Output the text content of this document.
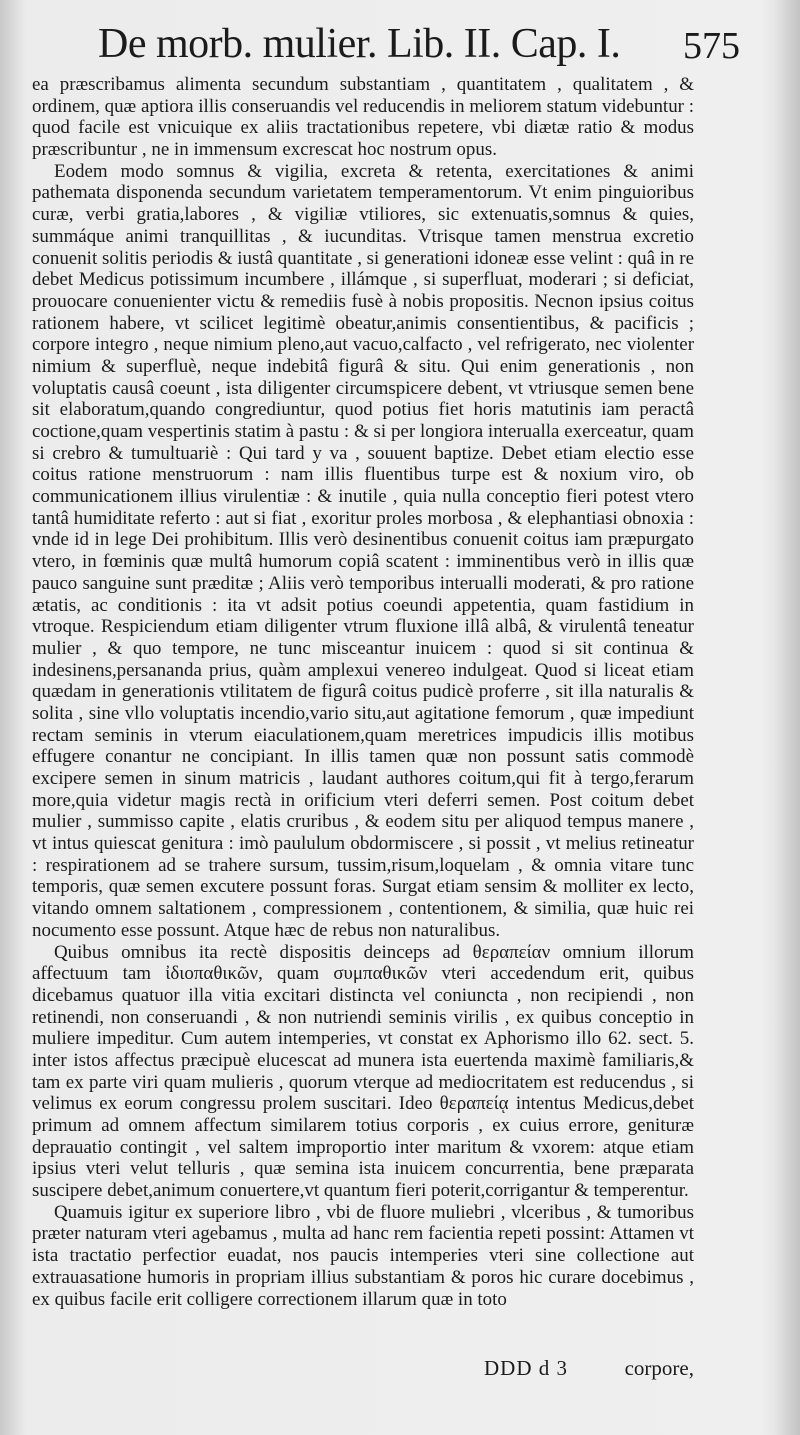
De morb. mulier. Lib. II. Cap. I. 575

ea præscribamus alimenta secundum substantiam , quantitatem , qualitatem , & ordinem, quæ aptiora illis conseruandis vel reducendis in meliorem statum videbuntur : quod facile est vnicuique ex aliis tractationibus repetere, vbi diætæ ratio & modus præscribuntur , ne in immensum excrescat hoc nostrum opus.

Eodem modo somnus & vigilia, excreta & retenta, exercitationes & animi pathemata disponenda secundum varietatem temperamentorum. Vt enim pinguioribus curæ, verbi gratia,labores , & vigiliæ vtiliores, sic extenuatis,somnus & quies, summáque animi tranquillitas , & iucunditas. Vtrisque tamen menstrua excretio conuenit solitis periodis & iustâ quantitate , si generationi idoneæ esse velint : quâ in re debet Medicus potissimum incumbere , illámque , si superfluat, moderari ; si deficiat, prouocare conuenienter victu & remediis fusè à nobis propositis. Necnon ipsius coitus rationem habere, vt scilicet legitimè obeatur,animis consentientibus, & pacificis ; corpore integro , neque nimium pleno,aut vacuo,calfacto , vel refrigerato, nec violenter nimium & superfluè, neque indebitâ figurâ & situ. Qui enim generationis , non voluptatis causâ coeunt , ista diligenter circumspicere debent, vt vtriusque semen bene sit elaboratum,quando congrediuntur, quod potius fiet horis matutinis iam peractâ coctione,quam vespertinis statim à pastu : & si per longiora interualla exerceatur, quam si crebro & tumultuariè : Qui tard y va , souuent baptize. Debet etiam electio esse coitus ratione menstruorum : nam illis fluentibus turpe est & noxium viro, ob communicationem illius virulentiæ : & inutile , quia nulla conceptio fieri potest vtero tantâ humiditate referto : aut si fiat , exoritur proles morbosa , & elephantiasi obnoxia : vnde id in lege Dei prohibitum. Illis verò desinentibus conuenit coitus iam præpurgato vtero, in fœminis quæ multâ humorum copiâ scatent : imminentibus verò in illis quæ pauco sanguine sunt præditæ ; Aliis verò temporibus interualli moderati, & pro ratione ætatis, ac conditionis : ita vt adsit potius coeundi appetentia, quam fastidium in vtroque. Respiciendum etiam diligenter vtrum fluxione illâ albâ, & virulentâ teneatur mulier , & quo tempore, ne tunc misceantur inuicem : quod si sit continua & indesinens,persananda prius, quàm amplexui venereo indulgeat. Quod si liceat etiam quædam in generationis vtilitatem de figurâ coitus pudicè proferre , sit illa naturalis & solita , sine vllo voluptatis incendio,vario situ,aut agitatione femorum , quæ impediunt rectam seminis in vterum eiaculationem,quam meretrices impudicis illis motibus effugere conantur ne concipiant. In illis tamen quæ non possunt satis commodè excipere semen in sinum matricis , laudant authores coitum,qui fit à tergo,ferarum more,quia videtur magis rectà in orificium vteri deferri semen. Post coitum debet mulier , summisso capite , elatis cruribus , & eodem situ per aliquod tempus manere , vt intus quiescat genitura : imò paululum obdormiscere , si possit , vt melius retineatur : respirationem ad se trahere sursum, tussim,risum,loquelam , & omnia vitare tunc temporis, quæ semen excutere possunt foras. Surgat etiam sensim & molliter ex lecto, vitando omnem saltationem , compressionem , contentionem, & similia, quæ huic rei nocumento esse possunt. Atque hæc de rebus non naturalibus.

Quibus omnibus ita rectè dispositis deinceps ad θεραπείαν omnium illorum affectuum tam ἰδιοπαθικῶν, quam συμπαθικῶν vteri accedendum erit, quibus dicebamus quatuor illa vitia excitari distincta vel coniuncta , non recipiendi , non retinendi, non conseruandi , & non nutriendi seminis virilis , ex quibus conceptio in muliere impeditur. Cum autem intemperies, vt constat ex Aphorismo illo 62. sect. 5. inter istos affectus præcipuè elucescat ad munera ista euertenda maximè familiaris,& tam ex parte viri quam mulieris , quorum vterque ad mediocritatem est reducendus , si velimus ex eorum congressu prolem suscitari. Ideo θεραπείᾳ intentus Medicus,debet primum ad omnem affectum similarem totius corporis , ex cuius errore, genituræ deprauatio contingit , vel saltem improportio inter maritum & vxorem: atque etiam ipsius vteri velut telluris , quæ semina ista inuicem concurrentia, bene præparata suscipere debet,animum conuertere,vt quantum fieri poterit,corrigantur & temperentur.

Quamuis igitur ex superiore libro , vbi de fluore muliebri , vlceribus , & tumoribus præter naturam vteri agebamus , multa ad hanc rem facientia repeti possint: Attamen vt ista tractatio perfectior euadat, nos paucis intemperies vteri sine collectione aut extrauasatione humoris in propriam illius substantiam & poros hic curare docebimus , ex quibus facile erit colligere correctionem illarum quæ in toto

DDD d 3	corpore,
